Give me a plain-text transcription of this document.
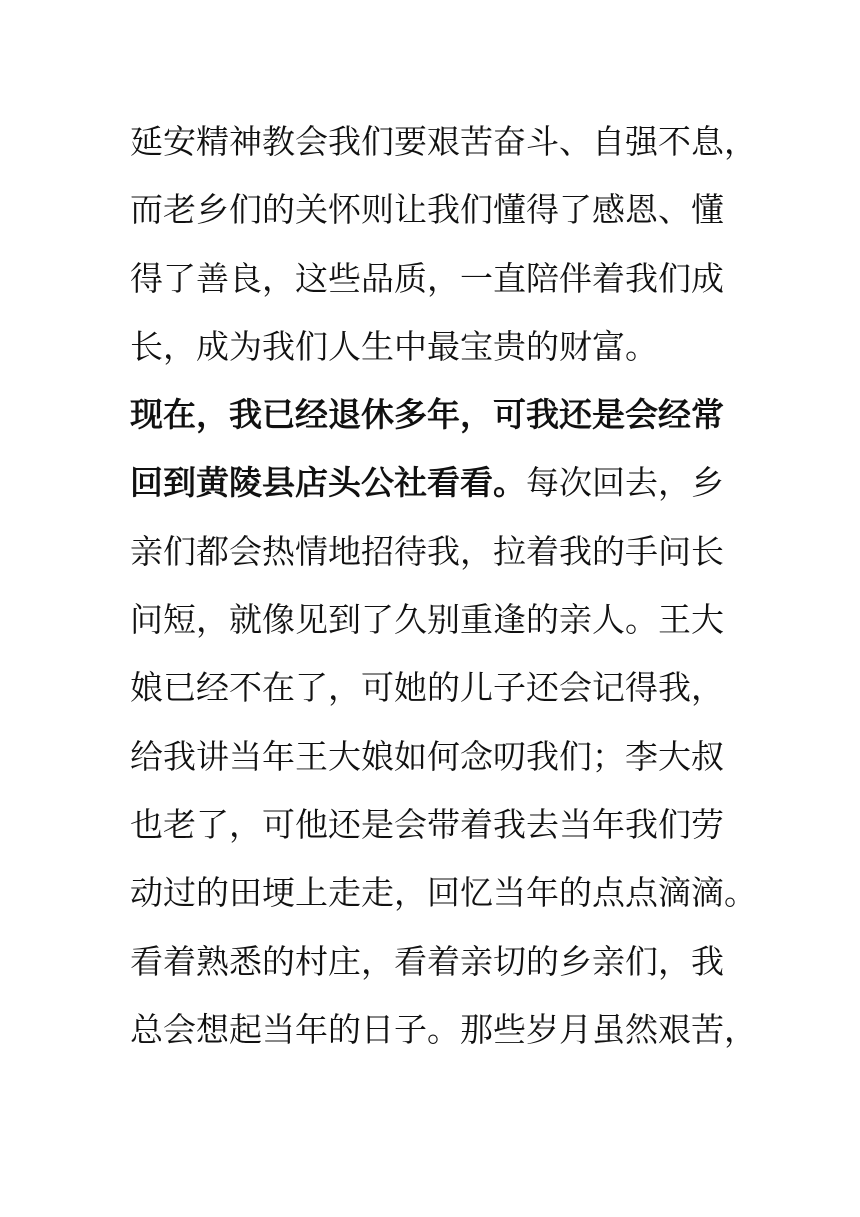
延安精神教会我们要艰苦奋斗、自强不息，
而老乡们的关怀则让我们懂得了感恩、懂
得了善良，这些品质，一直陪伴着我们成
长，成为我们人生中最宝贵的财富。
现在，我已经退休多年，可我还是会经常
回到黄陵县店头公社看看。每次回去，乡
亲们都会热情地招待我，拉着我的手问长
问短，就像见到了久别重逢的亲人。王大
娘已经不在了，可她的儿子还会记得我，
给我讲当年王大娘如何念叨我们；李大叔
也老了，可他还是会带着我去当年我们劳
动过的田埂上走走，回忆当年的点点滴滴。
看着熟悉的村庄，看着亲切的乡亲们，我
总会想起当年的日子。那些岁月虽然艰苦，
